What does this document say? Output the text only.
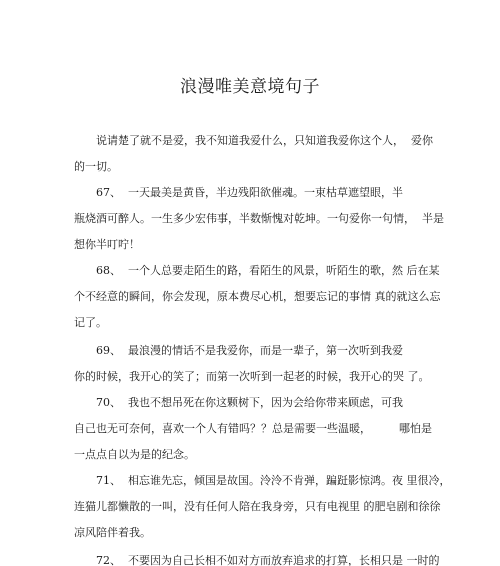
浪漫唯美意境句子
说请楚了就不是爱，我不知道我爱什么，只知道我爱你这个人，  爱你
的一切。
67、  一天最美是黄昏，半边残阳欲催魂。一束枯草遮望眼，半
瓶烧酒可醉人。一生多少宏伟事，半数惭愧对乾坤。一句爱你一句情，  半是
想你半叮咛！
68、  一个人总要走陌生的路，看陌生的风景，听陌生的歌，然 后在某
个不经意的瞬间，你会发现，原本费尽心机，想要忘记的事情 真的就这么忘
记了。
69、  最浪漫的情话不是我爱你，而是一辈子，第一次听到我爱
你的时候，我开心的笑了；而第一次听到一起老的时候，我开心的哭 了。
70、  我也不想吊死在你这颗树下，因为会给你带来顾虑，可我
自己也无可奈何，喜欢一个人有错吗？？总是需要一些温暖，        哪怕是
一点点自以为是的纪念。
71、  相忘谁先忘，倾国是故国。泠泠不肯弹，蹁跹影惊鸿。夜 里很冷，
连猫儿都懒散的一叫，没有任何人陪在我身旁，只有电视里 的肥皂剧和徐徐
凉风陪伴着我。
72、  不要因为自己长相不如对方而放弃追求的打算，长相只是 一时的
